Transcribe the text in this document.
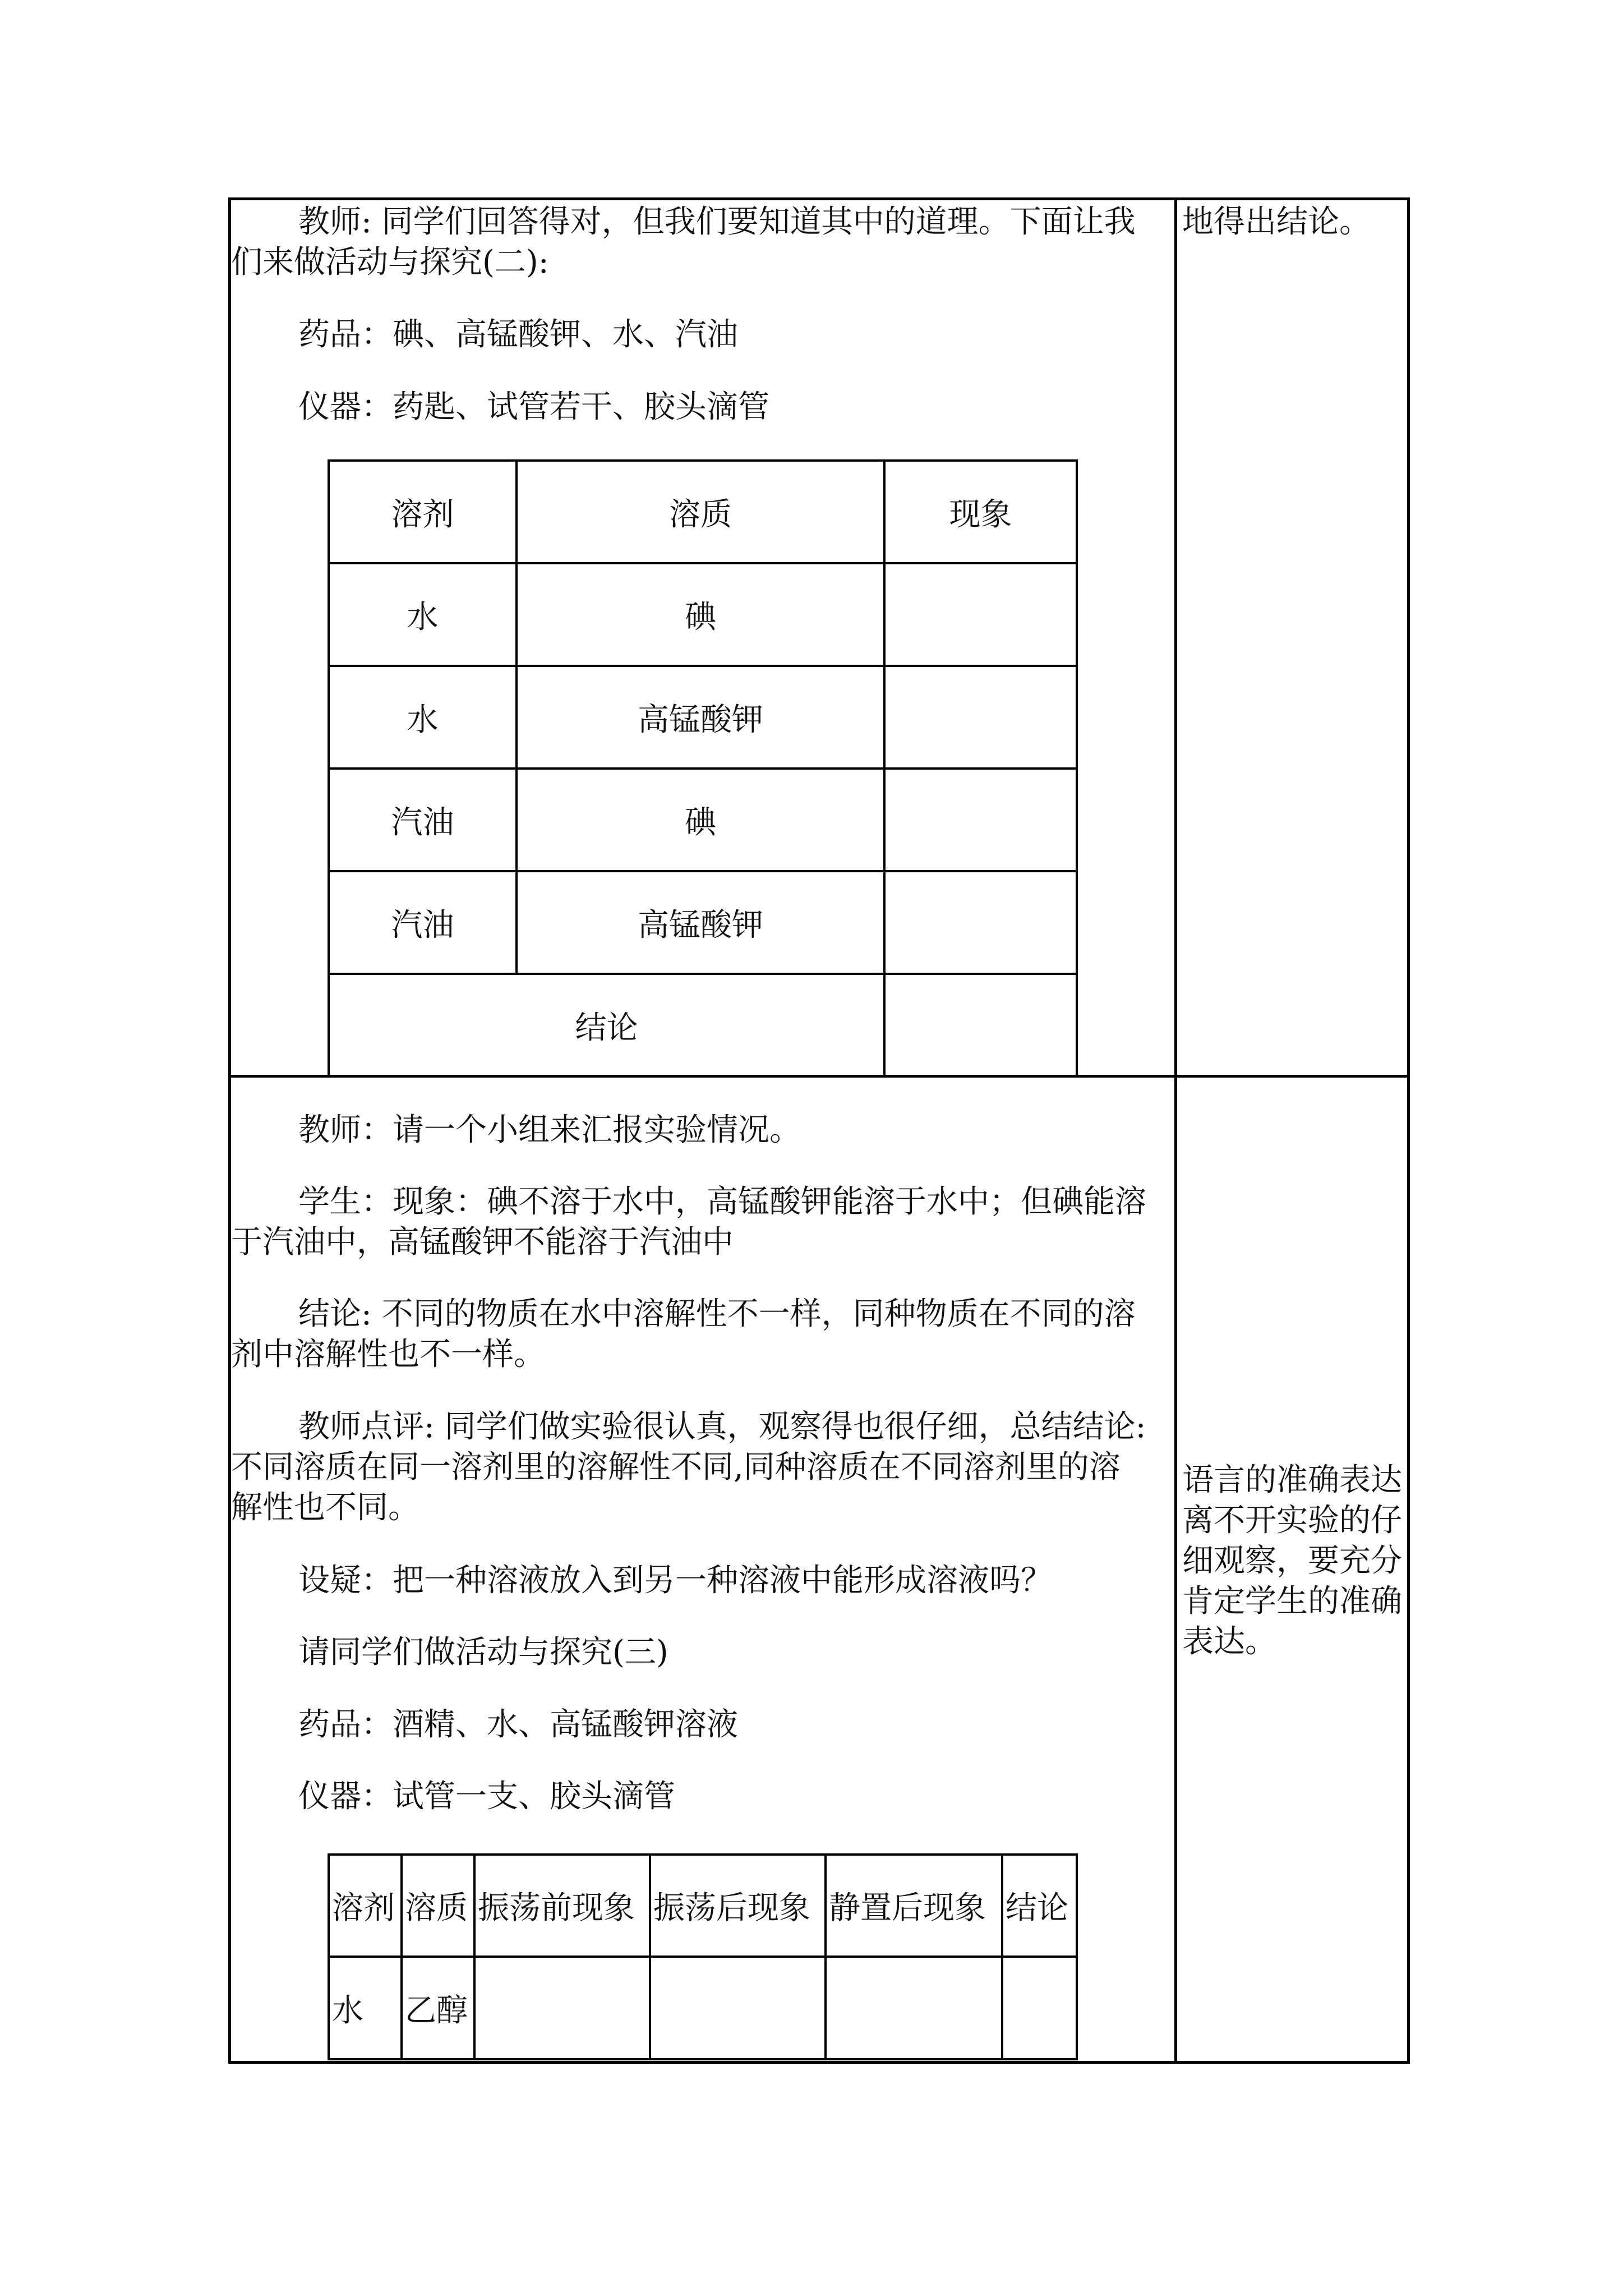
教师: 同学们回答得对，但我们要知道其中的道理。下面让我
们来做活动与探究(二):
药品：碘、高锰酸钾、水、汽油
仪器：药匙、试管若干、胶头滴管
地得出结论。
溶剂	溶质	现象
水	碘	
水	高锰酸钾	
汽油	碘	
汽油	高锰酸钾	
结论		
教师：请一个小组来汇报实验情况。
学生：现象：碘不溶于水中，高锰酸钾能溶于水中；但碘能溶
于汽油中，高锰酸钾不能溶于汽油中
结论: 不同的物质在水中溶解性不一样，同种物质在不同的溶
剂中溶解性也不一样。
教师点评: 同学们做实验很认真，观察得也很仔细，总结结论:
不同溶质在同一溶剂里的溶解性不同,同种溶质在不同溶剂里的溶
解性也不同。
设疑：把一种溶液放入到另一种溶液中能形成溶液吗？
请同学们做活动与探究(三)
药品：酒精、水、高锰酸钾溶液
仪器：试管一支、胶头滴管
语言的准确表达离不开实验的仔细观察，要充分肯定学生的准确表达。
溶剂	溶质	振荡前现象	振荡后现象	静置后现象	结论
水	乙醇				
